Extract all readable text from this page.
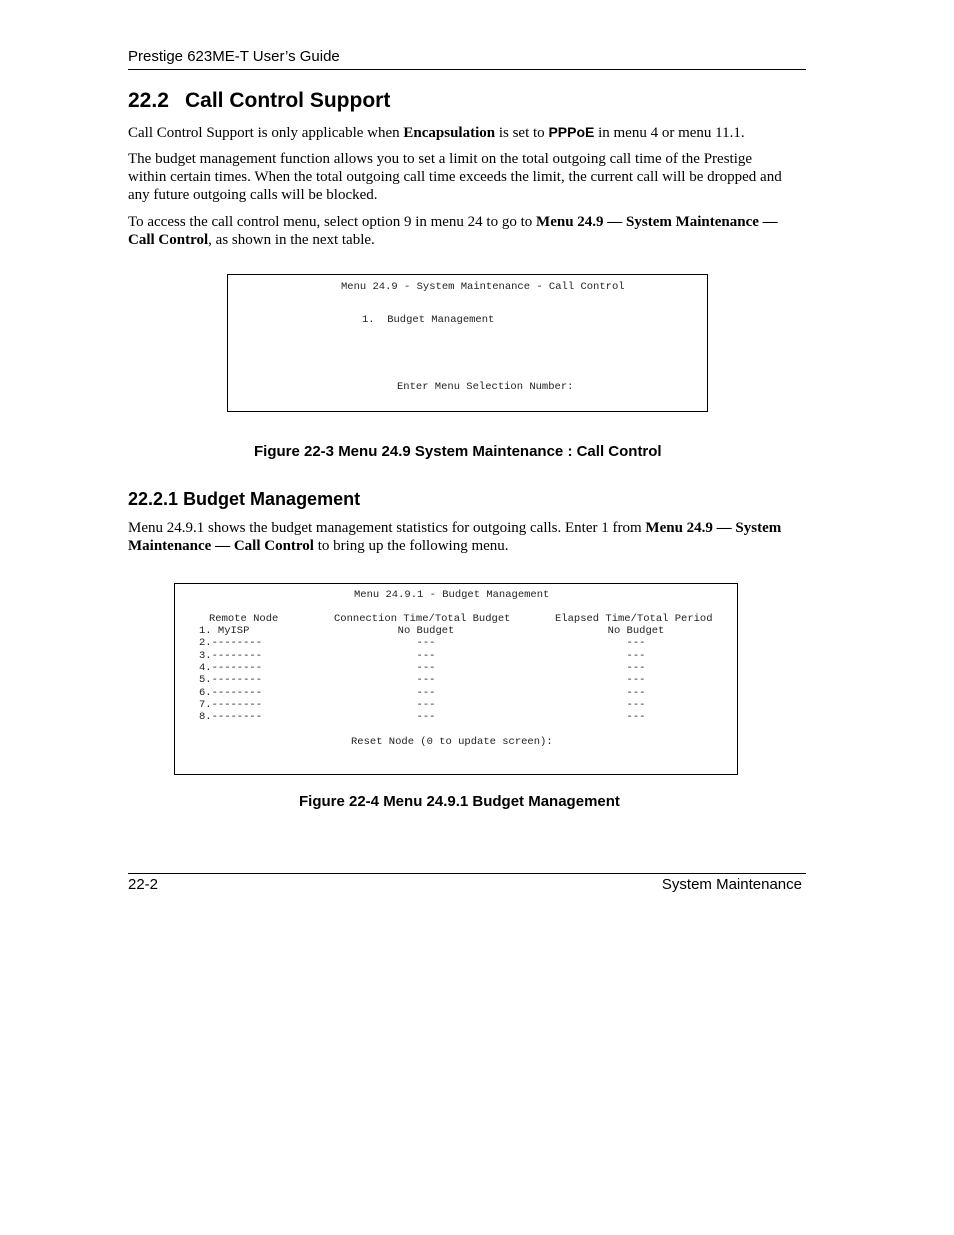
Prestige 623ME-T User’s Guide
22.2 Call Control Support
Call Control Support is only applicable when Encapsulation is set to PPPoE in menu 4 or menu 11.1.
The budget management function allows you to set a limit on the total outgoing call time of the Prestige within certain times. When the total outgoing call time exceeds the limit, the current call will be dropped and any future outgoing calls will be blocked.
To access the call control menu, select option 9 in menu 24 to go to Menu 24.9 — System Maintenance — Call Control, as shown in the next table.
Menu 24.9 - System Maintenance - Call Control
1.  Budget Management
Enter Menu Selection Number:
Figure 22-3 Menu 24.9 System Maintenance : Call Control
22.2.1 Budget Management
Menu 24.9.1 shows the budget management statistics for outgoing calls. Enter 1 from Menu 24.9 — System Maintenance — Call Control to bring up the following menu.
Menu 24.9.1 - Budget Management
Remote Node	Connection Time/Total Budget	Elapsed Time/Total Period
1. MyISP	No Budget	No Budget
2.--------	---	---
3.--------	---	---
4.--------	---	---
5.--------	---	---
6.--------	---	---
7.--------	---	---
8.--------	---	---
Reset Node (0 to update screen):
Figure 22-4 Menu 24.9.1 Budget Management
22-2	System Maintenance
